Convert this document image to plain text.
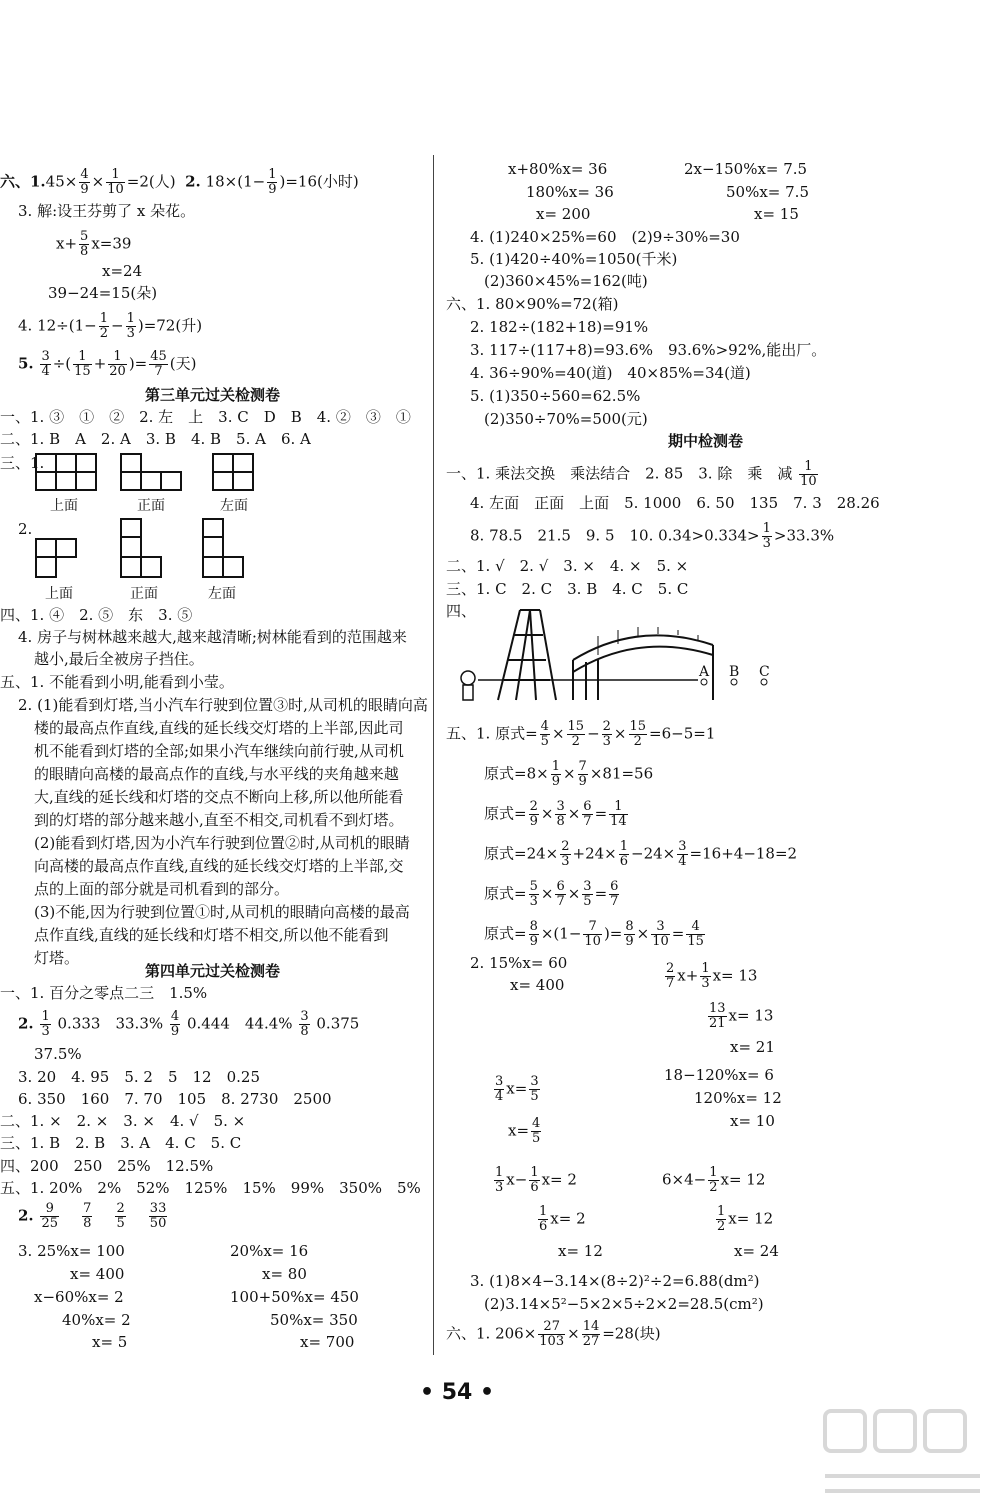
六、$1.45\times \frac{4}{9} \times \frac{1}{10} =2$(人) 2. $18\times(1- \frac{1}{9} )=16$(小时)
3. 解:设王芬剪了 x 朵花。
$x+ \frac{5}{8} x=39$
x=24
39−24=15(朵)
4. $12\div(1- \frac{1}{2} - \frac{1}{3} )=72$(升)
5. $\frac{3}{4}$ ÷( $\frac{1}{15} + \frac{1}{20}$ )= $\frac{45}{7}$ (天)
第三单元过关检测卷
一、1. ③　①　②　2. 左　上　3. C　D　B　4. ②　③　①
二、1. B　A　2. A　3. B　4. B　5. A　6. A
三、1.
上面	正面	左面
2.
上面	正面	左面
四、1. ④　2. ⑤　东　3. ⑤
4. 房子与树林越来越大,越来越清晰;树林能看到的范围越来
越小,最后全被房子挡住。
五、1. 不能看到小明,能看到小莹。
2. (1)能看到灯塔,当小汽车行驶到位置③时,从司机的眼睛向高
楼的最高点作直线,直线的延长线交灯塔的上半部,因此司
机不能看到灯塔的全部;如果小汽车继续向前行驶,从司机
的眼睛向高楼的最高点作的直线,与水平线的夹角越来越
大,直线的延长线和灯塔的交点不断向上移,所以他所能看
到的灯塔的部分越来越小,直至不相交,司机看不到灯塔。
(2)能看到灯塔,因为小汽车行驶到位置②时,从司机的眼睛
向高楼的最高点作直线,直线的延长线交灯塔的上半部,交
点的上面的部分就是司机看到的部分。
(3)不能,因为行驶到位置①时,从司机的眼睛向高楼的最高
点作直线,直线的延长线和灯塔不相交,所以他不能看到
灯塔。
第四单元过关检测卷
一、1. 百分之零点二三　1.5%
2. $\frac{1}{3} 0.333$　$33.3\% \frac{4}{9} 0.444$　$44.4\% \frac{3}{8} 0.375$
37.5%
3. 20　4. 95　5. 2　5　12　0.25
6. 350　160　7. 70　105　8. 2730　2500
二、1. ×　2. ×　3. ×　4. √　5. ×
三、1. B　2. B　3. A　4. C　5. C
四、200　250　25%　12.5%
五、1. 20%　2%　52%　125%　15%　99%　350%　5%
2. $\frac{9}{25}$
$\frac{7}{8}$
$\frac{2}{5}$
$\frac{33}{50}$
3. 25%x= 100
x= 400
x−60%x= 2
40%x= 2
x= 5
20%x= 16
x= 80
100+50%x= 450
50%x= 350
x= 700
x+80%x= 36
180%x= 36
x= 200
2x−150%x= 7.5
50%x= 7.5
x= 15
4. (1)240×25%=60　(2)9÷30%=30
5. (1)420÷40%=1050(千米)
(2)360×45%=162(吨)
六、1. 80×90%=72(箱)
2. 182÷(182+18)=91%
3. 117÷(117+8)=93.6%　93.6%>92%,能出厂。
4. 36÷90%=40(道)　40×85%=34(道)
5. (1)350÷560=62.5%
(2)350÷70%=500(元)
期中检测卷
一、1. 乘法交换　乘法结合　2. 85　3. 除　乘　减 $\frac{1}{10}$
4. 左面　正面　上面　5. 1000　6. 50　135　7. 3　28.26
8. 78.5　21.5　9. 5　10. $0.34>0.334> \frac{1}{3} >33.3\%$
二、1. √　2. √　3. ×　4. ×　5. ×
三、1. C　2. C　3. B　4. C　5. C
四、
A B C
五、1. 原式= $\frac{4}{5} \times \frac{15}{2} - \frac{2}{3} \times \frac{15}{2} =6-5=1$
原式$=8\times \frac{1}{9} \times \frac{7}{9} \times 81=56$
原式= $\frac{2}{9} \times \frac{3}{8} \times \frac{6}{7} = \frac{1}{14}$
原式$=24\times \frac{2}{3} +24\times \frac{1}{6} -24\times \frac{3}{4} =16+4-18=2$
原式= $\frac{5}{3} \times \frac{6}{7} \times \frac{3}{5} = \frac{6}{7}$
原式= $\frac{8}{9} \times(1- \frac{7}{10}$ )= $\frac{8}{9} \times \frac{3}{10} = \frac{4}{15}$
2. 15%x= 60
x= 400	$\frac{2}{7} x+ \frac{1}{3} x= 13$
$\frac{13}{21} x= 13$
x= 21
$\frac{3}{4} x= \frac{3}{5}$	18−120%x= 6
120%x= 12
x= 10
$x= \frac{4}{5}$
$\frac{1}{3} x- \frac{1}{6} x= 2$	$6\times 4- \frac{1}{2} x= 12$
$\frac{1}{6} x= 2$	$\frac{1}{2} x= 12$
x= 12	x= 24
3. (1)8×4−3.14×(8÷2)²÷2=6.88(dm²)
(2)3.14×5²−5×2×5÷2×2=28.5(cm²)
六、1. $206\times \frac{27}{103} \times \frac{14}{27} =28$(块)
• 54 •
